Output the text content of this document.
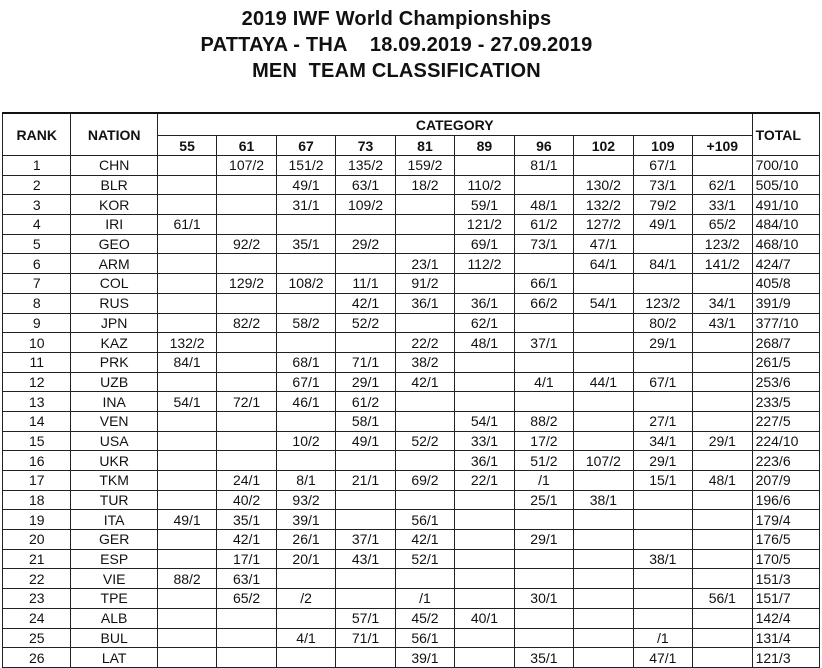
2019 IWF World Championships
PATTAYA - THA    18.09.2019 - 27.09.2019
MEN  TEAM CLASSIFICATION
RANK	NATION	CATEGORY										TOTAL
		55	61	67	73	81	89	96	102	109	+109	
1	CHN		107/2	151/2	135/2	159/2		81/1		67/1		700/10
2	BLR			49/1	63/1	18/2	110/2		130/2	73/1	62/1	505/10
3	KOR			31/1	109/2		59/1	48/1	132/2	79/2	33/1	491/10
4	IRI	61/1					121/2	61/2	127/2	49/1	65/2	484/10
5	GEO		92/2	35/1	29/2		69/1	73/1	47/1		123/2	468/10
6	ARM					23/1	112/2		64/1	84/1	141/2	424/7
7	COL		129/2	108/2	11/1	91/2		66/1				405/8
8	RUS				42/1	36/1	36/1	66/2	54/1	123/2	34/1	391/9
9	JPN		82/2	58/2	52/2		62/1			80/2	43/1	377/10
10	KAZ	132/2				22/2	48/1	37/1		29/1		268/7
11	PRK	84/1		68/1	71/1	38/2						261/5
12	UZB			67/1	29/1	42/1		4/1	44/1	67/1		253/6
13	INA	54/1	72/1	46/1	61/2							233/5
14	VEN				58/1		54/1	88/2		27/1		227/5
15	USA			10/2	49/1	52/2	33/1	17/2		34/1	29/1	224/10
16	UKR						36/1	51/2	107/2	29/1		223/6
17	TKM		24/1	8/1	21/1	69/2	22/1	/1		15/1	48/1	207/9
18	TUR		40/2	93/2				25/1	38/1			196/6
19	ITA	49/1	35/1	39/1		56/1						179/4
20	GER		42/1	26/1	37/1	42/1		29/1				176/5
21	ESP		17/1	20/1	43/1	52/1				38/1		170/5
22	VIE	88/2	63/1									151/3
23	TPE		65/2	/2		/1		30/1			56/1	151/7
24	ALB				57/1	45/2	40/1					142/4
25	BUL			4/1	71/1	56/1				/1		131/4
26	LAT					39/1		35/1		47/1		121/3
